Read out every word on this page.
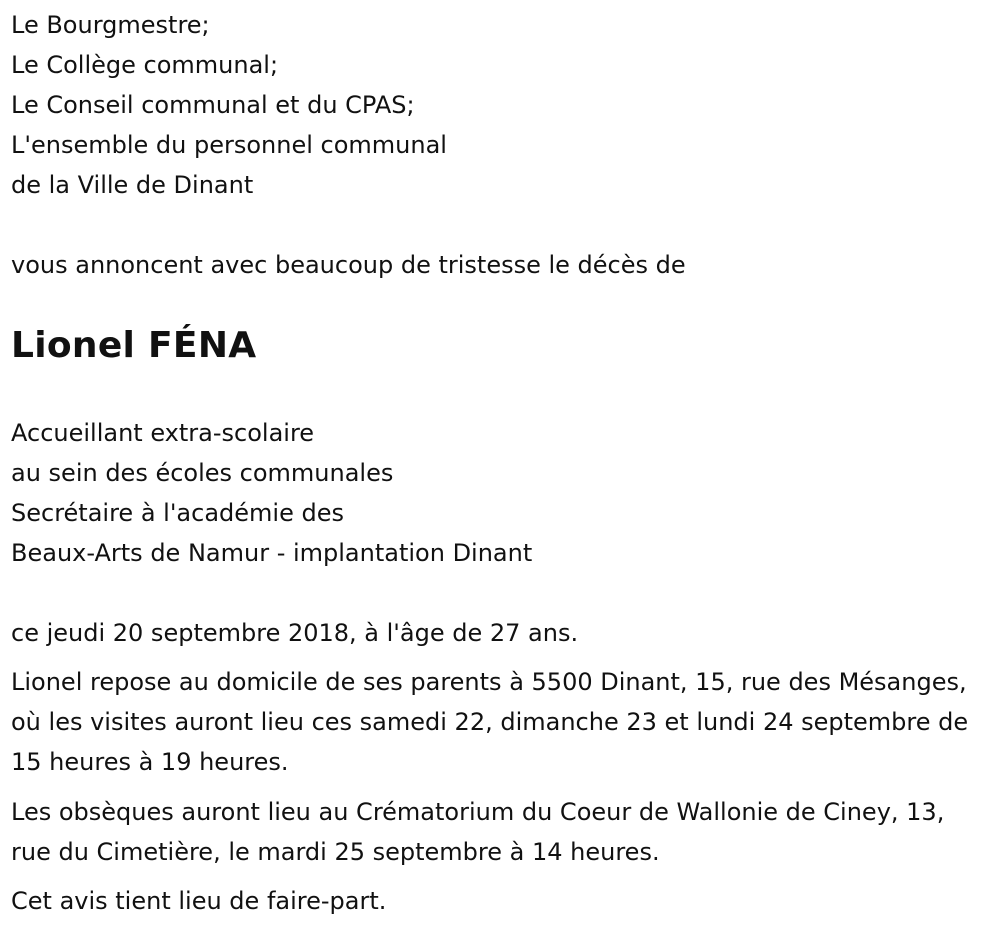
Le Bourgmestre;
Le Collège communal;
Le Conseil communal et du CPAS;
L'ensemble du personnel communal
de la Ville de Dinant
vous annoncent avec beaucoup de tristesse le décès de
Lionel FÉNA
Accueillant extra-scolaire
au sein des écoles communales
Secrétaire à l'académie des
Beaux-Arts de Namur - implantation Dinant
ce jeudi 20 septembre 2018, à l'âge de 27 ans.
Lionel repose au domicile de ses parents à 5500 Dinant, 15, rue des Mésanges, où les visites auront lieu ces samedi 22, dimanche 23 et lundi 24 septembre de 15 heures à 19 heures.
Les obsèques auront lieu au Crématorium du Coeur de Wallonie de Ciney, 13, rue du Cimetière, le mardi 25 septembre à 14 heures.
Cet avis tient lieu de faire-part.
